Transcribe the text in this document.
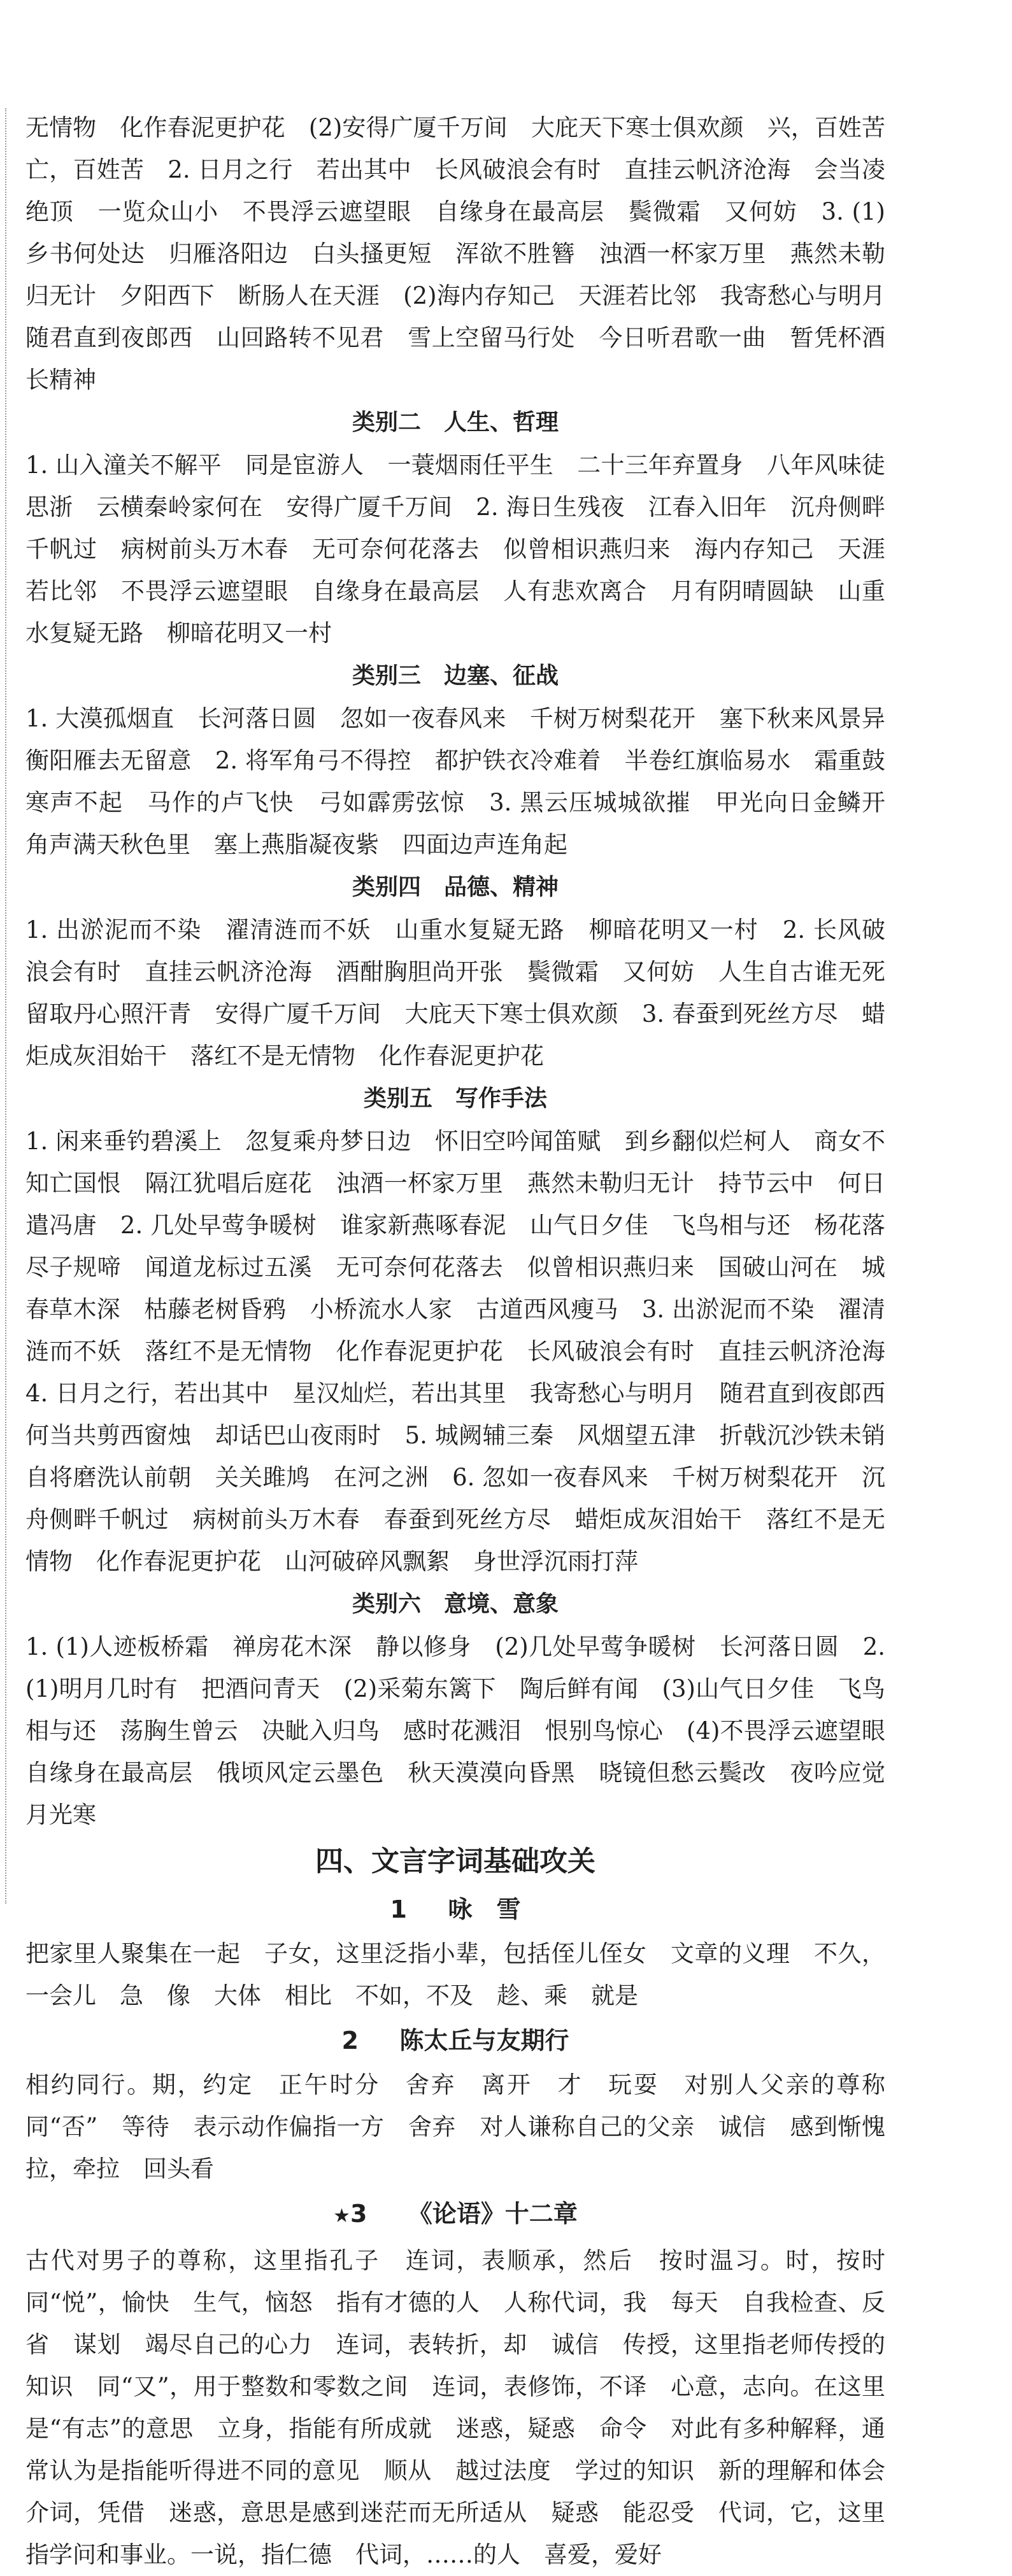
无情物　化作春泥更护花　(2)安得广厦千万间　大庇天下寒士俱欢颜　兴，百姓苦　亡，百姓苦　2. 日月之行　若出其中　长风破浪会有时　直挂云帆济沧海　会当凌绝顶　一览众山小　不畏浮云遮望眼　自缘身在最高层　鬓微霜　又何妨　3. (1)乡书何处达　归雁洛阳边　白头搔更短　浑欲不胜簪　浊酒一杯家万里　燕然未勒归无计　夕阳西下　断肠人在天涯　(2)海内存知己　天涯若比邻　我寄愁心与明月　随君直到夜郎西　山回路转不见君　雪上空留马行处　今日听君歌一曲　暂凭杯酒长精神

类别二　人生、哲理

1. 山入潼关不解平　同是宦游人　一蓑烟雨任平生　二十三年弃置身　八年风味徒思浙　云横秦岭家何在　安得广厦千万间　2. 海日生残夜　江春入旧年　沉舟侧畔千帆过　病树前头万木春　无可奈何花落去　似曾相识燕归来　海内存知己　天涯若比邻　不畏浮云遮望眼　自缘身在最高层　人有悲欢离合　月有阴晴圆缺　山重水复疑无路　柳暗花明又一村

类别三　边塞、征战

1. 大漠孤烟直　长河落日圆　忽如一夜春风来　千树万树梨花开　塞下秋来风景异　衡阳雁去无留意　2. 将军角弓不得控　都护铁衣冷难着　半卷红旗临易水　霜重鼓寒声不起　马作的卢飞快　弓如霹雳弦惊　3. 黑云压城城欲摧　甲光向日金鳞开　角声满天秋色里　塞上燕脂凝夜紫　四面边声连角起

类别四　品德、精神

1. 出淤泥而不染　濯清涟而不妖　山重水复疑无路　柳暗花明又一村　2. 长风破浪会有时　直挂云帆济沧海　酒酣胸胆尚开张　鬓微霜　又何妨　人生自古谁无死　留取丹心照汗青　安得广厦千万间　大庇天下寒士俱欢颜　3. 春蚕到死丝方尽　蜡炬成灰泪始干　落红不是无情物　化作春泥更护花

类别五　写作手法

1. 闲来垂钓碧溪上　忽复乘舟梦日边　怀旧空吟闻笛赋　到乡翻似烂柯人　商女不知亡国恨　隔江犹唱后庭花　浊酒一杯家万里　燕然未勒归无计　持节云中　何日遣冯唐　2. 几处早莺争暖树　谁家新燕啄春泥　山气日夕佳　飞鸟相与还　杨花落尽子规啼　闻道龙标过五溪　无可奈何花落去　似曾相识燕归来　国破山河在　城春草木深　枯藤老树昏鸦　小桥流水人家　古道西风瘦马　3. 出淤泥而不染　濯清涟而不妖　落红不是无情物　化作春泥更护花　长风破浪会有时　直挂云帆济沧海　4. 日月之行，若出其中　星汉灿烂，若出其里　我寄愁心与明月　随君直到夜郎西　何当共剪西窗烛　却话巴山夜雨时　5. 城阙辅三秦　风烟望五津　折戟沉沙铁未销　自将磨洗认前朝　关关雎鸠　在河之洲　6. 忽如一夜春风来　千树万树梨花开　沉舟侧畔千帆过　病树前头万木春　春蚕到死丝方尽　蜡炬成灰泪始干　落红不是无情物　化作春泥更护花　山河破碎风飘絮　身世浮沉雨打萍

类别六　意境、意象

1. (1)人迹板桥霜　禅房花木深　静以修身　(2)几处早莺争暖树　长河落日圆　2. (1)明月几时有　把酒问青天　(2)采菊东篱下　陶后鲜有闻　(3)山气日夕佳　飞鸟相与还　荡胸生曾云　决眦入归鸟　感时花溅泪　恨别鸟惊心　(4)不畏浮云遮望眼　自缘身在最高层　俄顷风定云墨色　秋天漠漠向昏黑　晓镜但愁云鬓改　夜吟应觉月光寒

四、文言字词基础攻关
1 　 咏　雪

把家里人聚集在一起　子女，这里泛指小辈，包括侄儿侄女　文章的义理　不久，一会儿　急　像　大体　相比　不如，不及　趁、乘　就是

2 　 陈太丘与友期行

相约同行。期，约定　正午时分　舍弃　离开　才　玩耍　对别人父亲的尊称　同“否”　等待　表示动作偏指一方　舍弃　对人谦称自己的父亲　诚信　感到惭愧　拉，牵拉　回头看

★3 　 《论语》十二章

古代对男子的尊称，这里指孔子　连词，表顺承，然后　按时温习。时，按时　同“悦”，愉快　生气，恼怒　指有才德的人　人称代词，我　每天　自我检查、反省　谋划　竭尽自己的心力　连词，表转折，却　诚信　传授，这里指老师传授的知识　同“又”，用于整数和零数之间　连词，表修饰，不译　心意，志向。在这里是“有志”的意思　立身，指能有所成就　迷惑，疑惑　命令　对此有多种解释，通常认为是指能听得进不同的意见　顺从　越过法度　学过的知识　新的理解和体会　介词，凭借　迷惑，意思是感到迷茫而无所适从　疑惑　能忍受　代词，它，这里指学问和事业。一说，指仁德　代词，……的人　喜爱，爱好
